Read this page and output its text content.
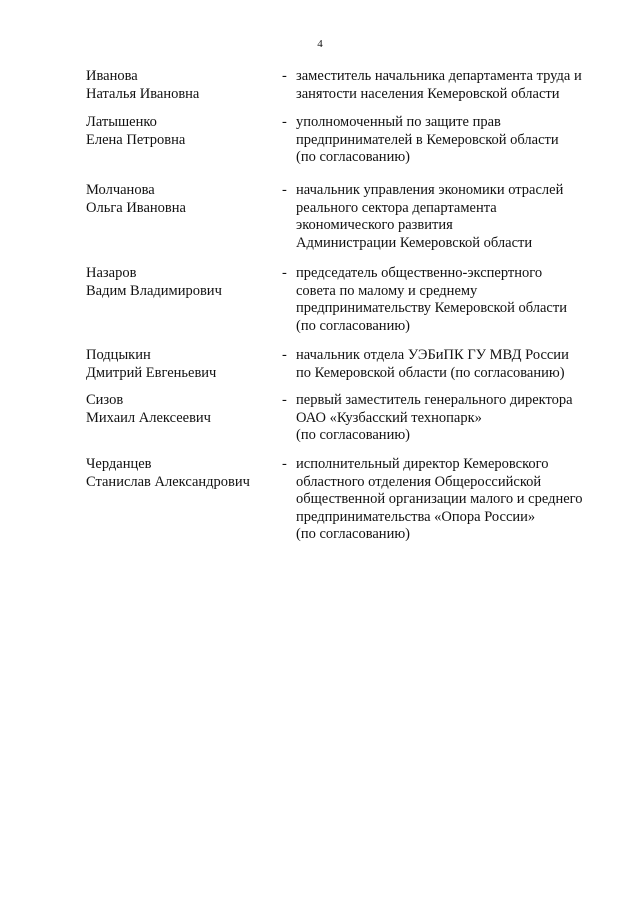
4
Иванова
Наталья Ивановна
- заместитель начальника департамента труда и
занятости населения Кемеровской области
Латышенко
Елена Петровна
- уполномоченный по защите прав
предпринимателей в Кемеровской области
(по согласованию)
Молчанова
Ольга Ивановна
- начальник управления экономики отраслей
реального сектора департамента
экономического развития
Администрации Кемеровской области
Назаров
Вадим Владимирович
- председатель общественно-экспертного
совета по малому и среднему
предпринимательству Кемеровской области
(по согласованию)
Подцыкин
Дмитрий Евгеньевич
- начальник отдела УЭБиПК ГУ МВД России
по Кемеровской области (по согласованию)
Сизов
Михаил Алексеевич
- первый заместитель генерального директора
ОАО «Кузбасский технопарк»
(по согласованию)
Черданцев
Станислав Александрович
- исполнительный директор Кемеровского
областного отделения Общероссийской
общественной организации малого и среднего
предпринимательства «Опора России»
(по согласованию)
